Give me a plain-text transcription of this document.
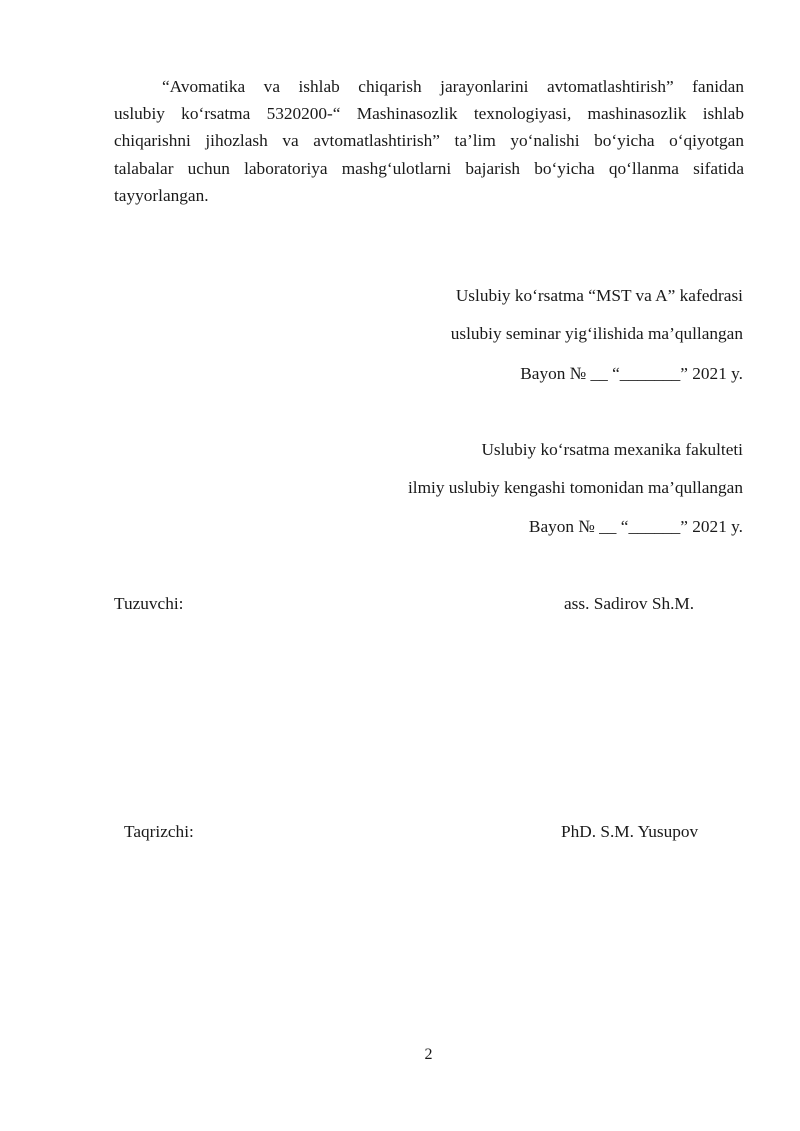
“Avomatika va ishlab chiqarish jarayonlarini avtomatlashtirish” fanidan
uslubiy ko‘rsatma 5320200-“ Mashinasozlik texnologiyasi, mashinasozlik ishlab
chiqarishni jihozlash va avtomatlashtirish” ta’lim yo‘nalishi bo‘yicha o‘qiyotgan
talabalar uchun laboratoriya mashg‘ulotlarni bajarish bo‘yicha qo‘llanma sifatida
tayyorlangan.
Uslubiy ko‘rsatma “MST va A” kafedrasi
uslubiy seminar yig‘ilishida ma’qullangan
Bayon № __ “_______” 2021 y.
Uslubiy ko‘rsatma mexanika fakulteti
ilmiy uslubiy kengashi tomonidan ma’qullangan
Bayon № __ “______” 2021 y.
Tuzuvchi:	ass. Sadirov Sh.M.
Taqrizchi:	PhD. S.M. Yusupov
2
